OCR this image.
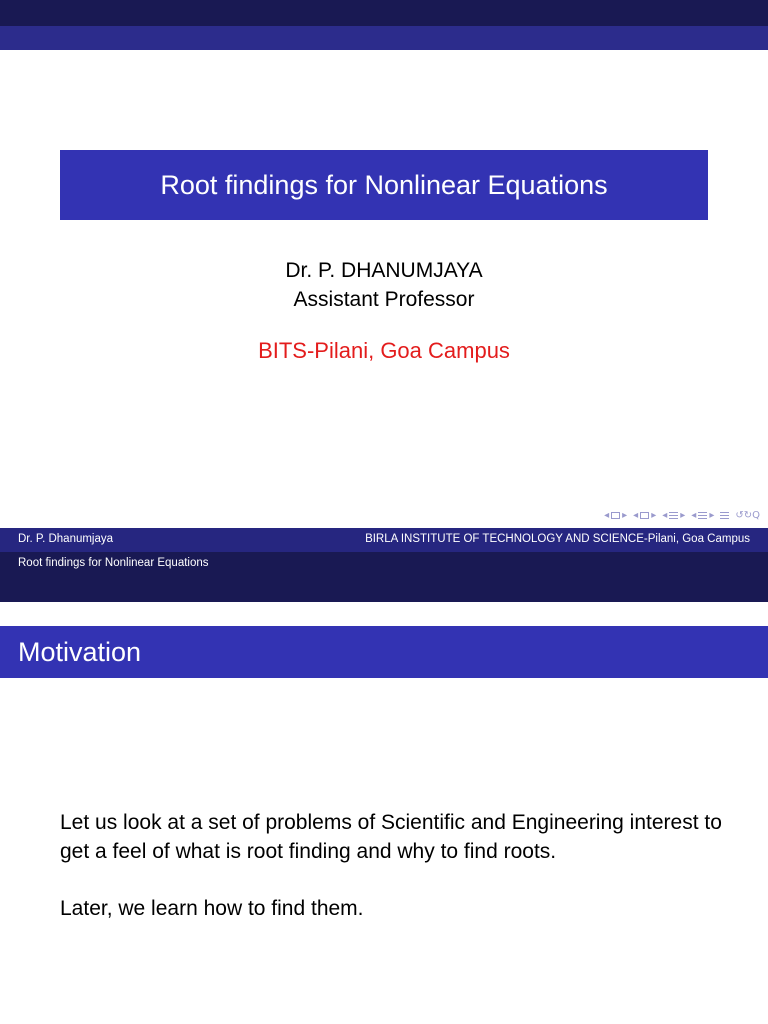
Root findings for Nonlinear Equations
Dr. P. DHANUMJAYA
Assistant Professor
BITS-Pilani, Goa Campus
◂
▸ ◂
▸ ◂
▸ ◂
▸ ↺↻Q
Dr. P. Dhanumjaya	BIRLA INSTITUTE OF TECHNOLOGY AND SCIENCE-Pilani, Goa Campus
Root findings for Nonlinear Equations
Motivation
Let us look at a set of problems of Scientific and Engineering interest to get a feel of what is root finding and why to find roots.
Later, we learn how to find them.
